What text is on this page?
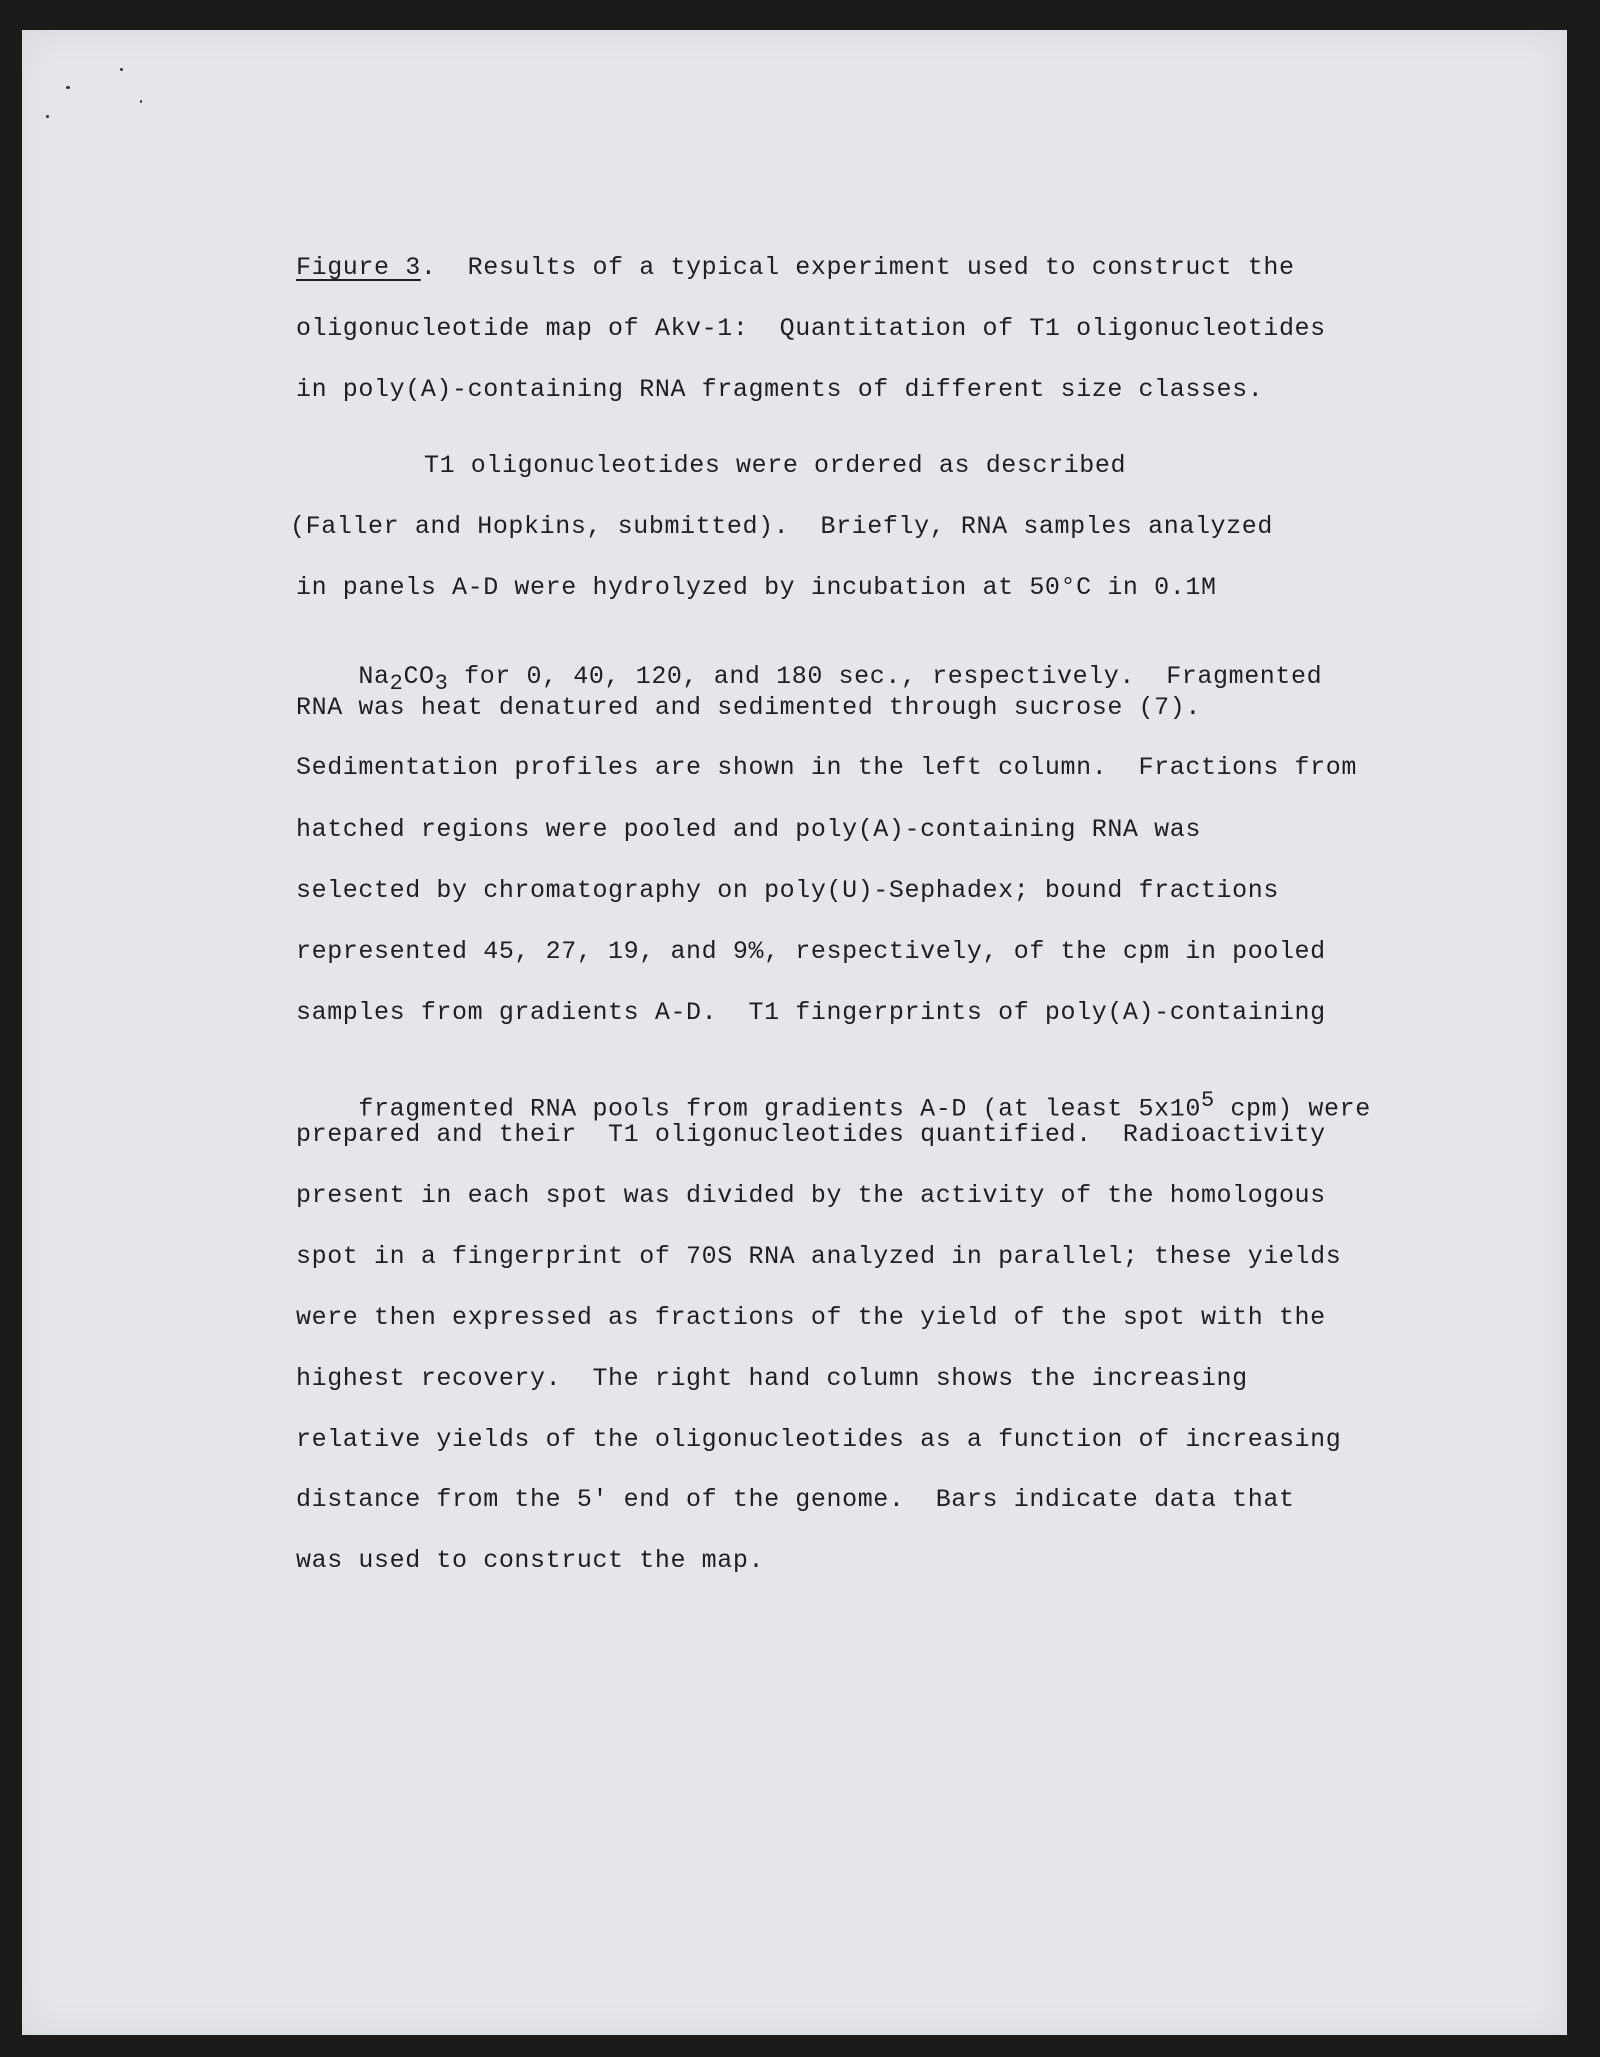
Figure 3.  Results of a typical experiment used to construct the
oligonucleotide map of Akv-1:  Quantitation of T1 oligonucleotides
in poly(A)-containing RNA fragments of different size classes.
T1 oligonucleotides were ordered as described
(Faller and Hopkins, submitted).  Briefly, RNA samples analyzed
in panels A-D were hydrolyzed by incubation at 50°C in 0.1M

$Na_2CO_3$ for 0, 40, 120, and 180 sec., respectively.  Fragmented

RNA was heat denatured and sedimented through sucrose (7).
Sedimentation profiles are shown in the left column.  Fractions from
hatched regions were pooled and poly(A)-containing RNA was
selected by chromatography on poly(U)-Sephadex; bound fractions
represented 45, 27, 19, and 9%, respectively, of the cpm in pooled
samples from gradients A-D.  T1 fingerprints of poly(A)-containing

fragmented RNA pools from gradients A-D (at least $5x10^5$ cpm) were

prepared and their  T1 oligonucleotides quantified.  Radioactivity
present in each spot was divided by the activity of the homologous
spot in a fingerprint of 70S RNA analyzed in parallel; these yields
were then expressed as fractions of the yield of the spot with the
highest recovery.  The right hand column shows the increasing
relative yields of the oligonucleotides as a function of increasing
distance from the 5' end of the genome.  Bars indicate data that
was used to construct the map.
